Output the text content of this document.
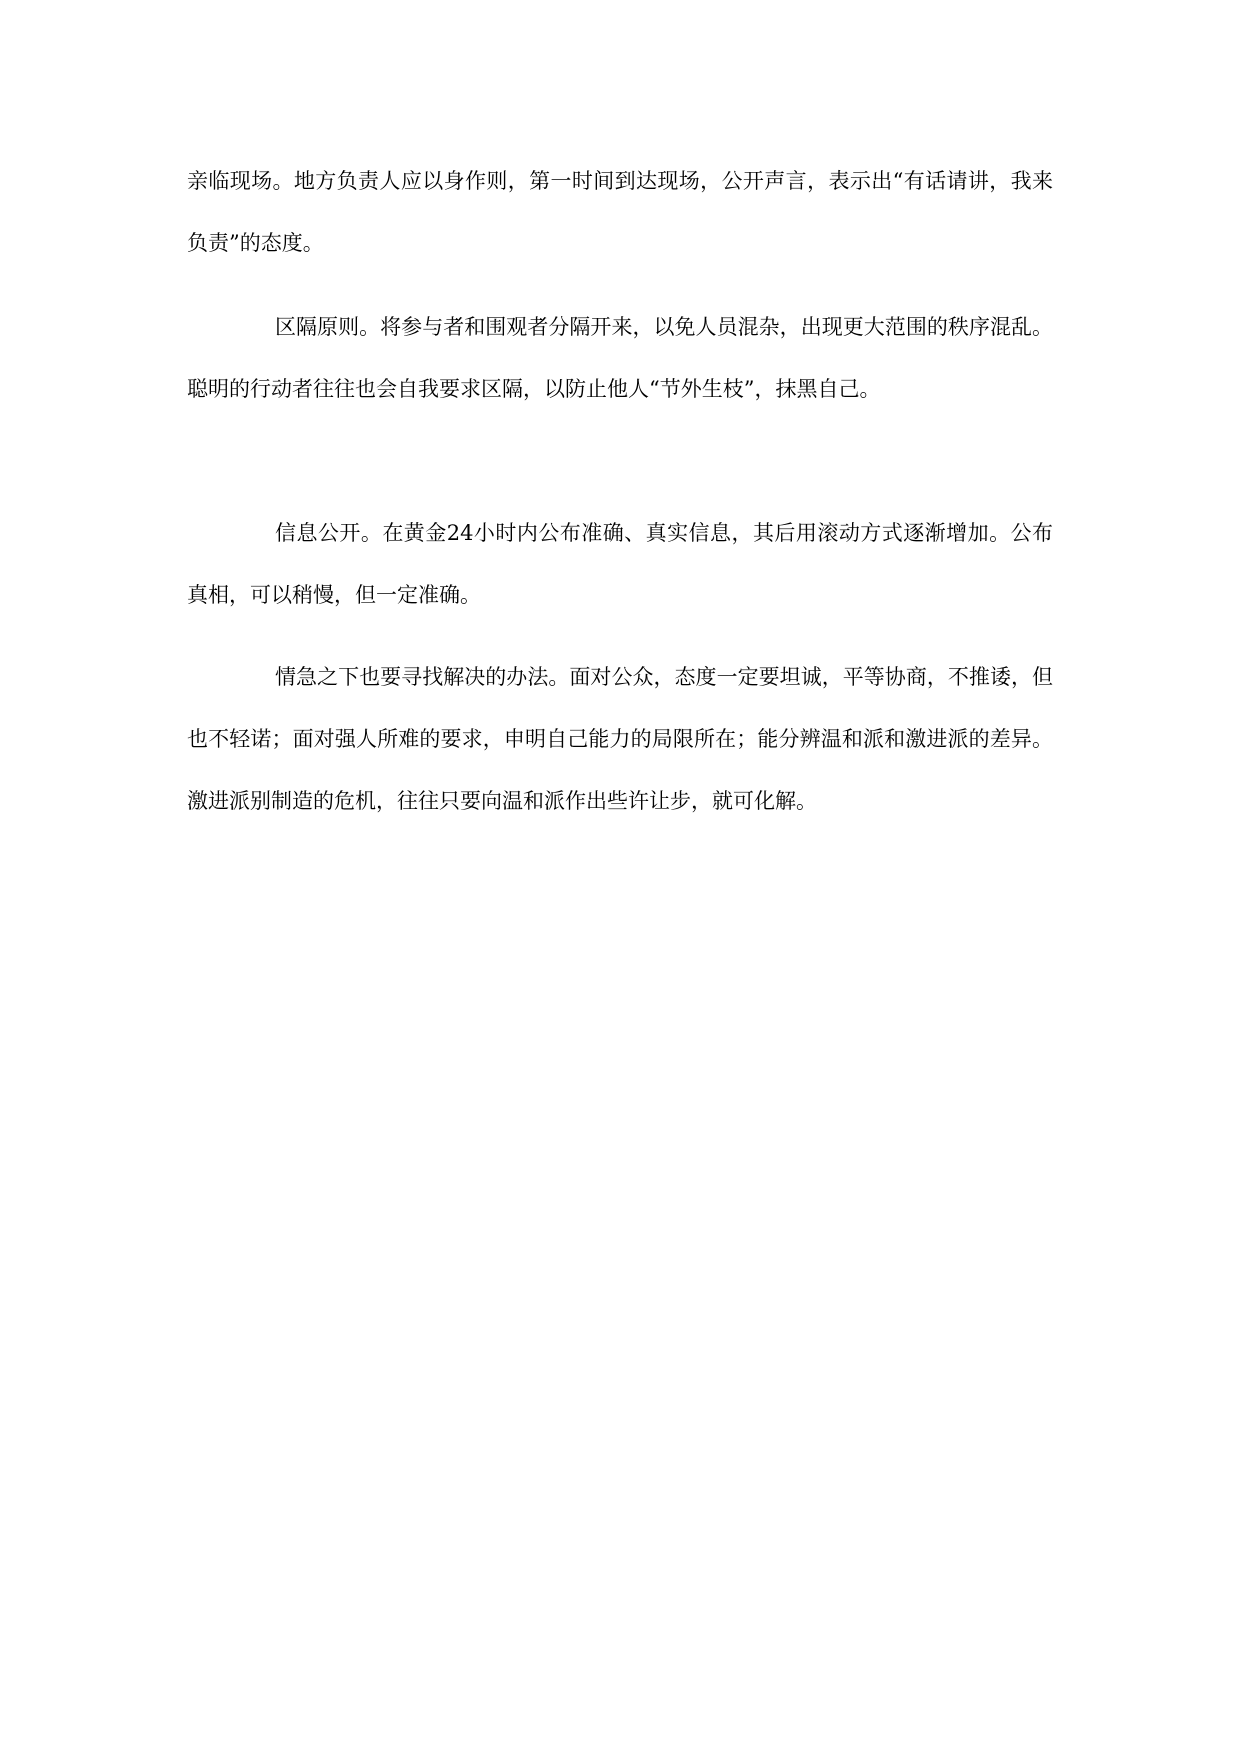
亲临现场。地方负责人应以身作则，第一时间到达现场，公开声言，表示出“有话请讲，我来负责”的态度。

区隔原则。将参与者和围观者分隔开来，以免人员混杂，出现更大范围的秩序混乱。聪明的行动者往往也会自我要求区隔，以防止他人“节外生枝”，抹黑自己。

信息公开。在黄金24小时内公布准确、真实信息，其后用滚动方式逐渐增加。公布真相，可以稍慢，但一定准确。

情急之下也要寻找解决的办法。面对公众，态度一定要坦诚，平等协商，不推诿，但也不轻诺；面对强人所难的要求，申明自己能力的局限所在；能分辨温和派和激进派的差异。激进派别制造的危机，往往只要向温和派作出些许让步，就可化解。
